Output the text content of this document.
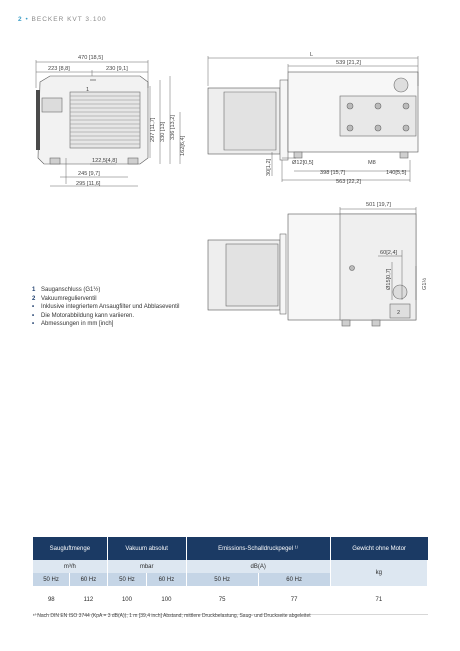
2 • BECKER KVT 3.100
1
470 [18,5]
223 [8,8]	230 [9,1]
297 [11,7] 330 [13] 336 [13,2]
162[6,4]
122,5[4,8]
245 [9,7]
295 [11,6]
L
539 [21,2]
30[1,2]	Ø12[0,5]	M8
398 [15,7]	140[5,5]
563 [22,2]
2
501 [19,7]
60[2,4]
Ø15[0,7]	G1½
1 Sauganschluss (G1½)
2 Vakuumregulierventil
•	Inklusive integriertem Ansaugfilter und Abblaseventil
•	Die Motorabbildung kann variieren.
•	Abmessungen in mm [inch]
Saugluftmenge		Vakuum absolut		Emissions-Schalldruckpegel ¹⁾		Gewicht ohne Motor
m³/h		mbar		dB(A)		kg
50 Hz	60 Hz	50 Hz	60 Hz	50 Hz	60 Hz	
98	112	100	100	75	77	71
¹⁾ Nach DIN EN ISO 3744 (KpA = 3 dB(A)); 1 m [39,4 inch] Abstand; mittlere Druckbelastung, Saug- und Druckseite abgeleitet
